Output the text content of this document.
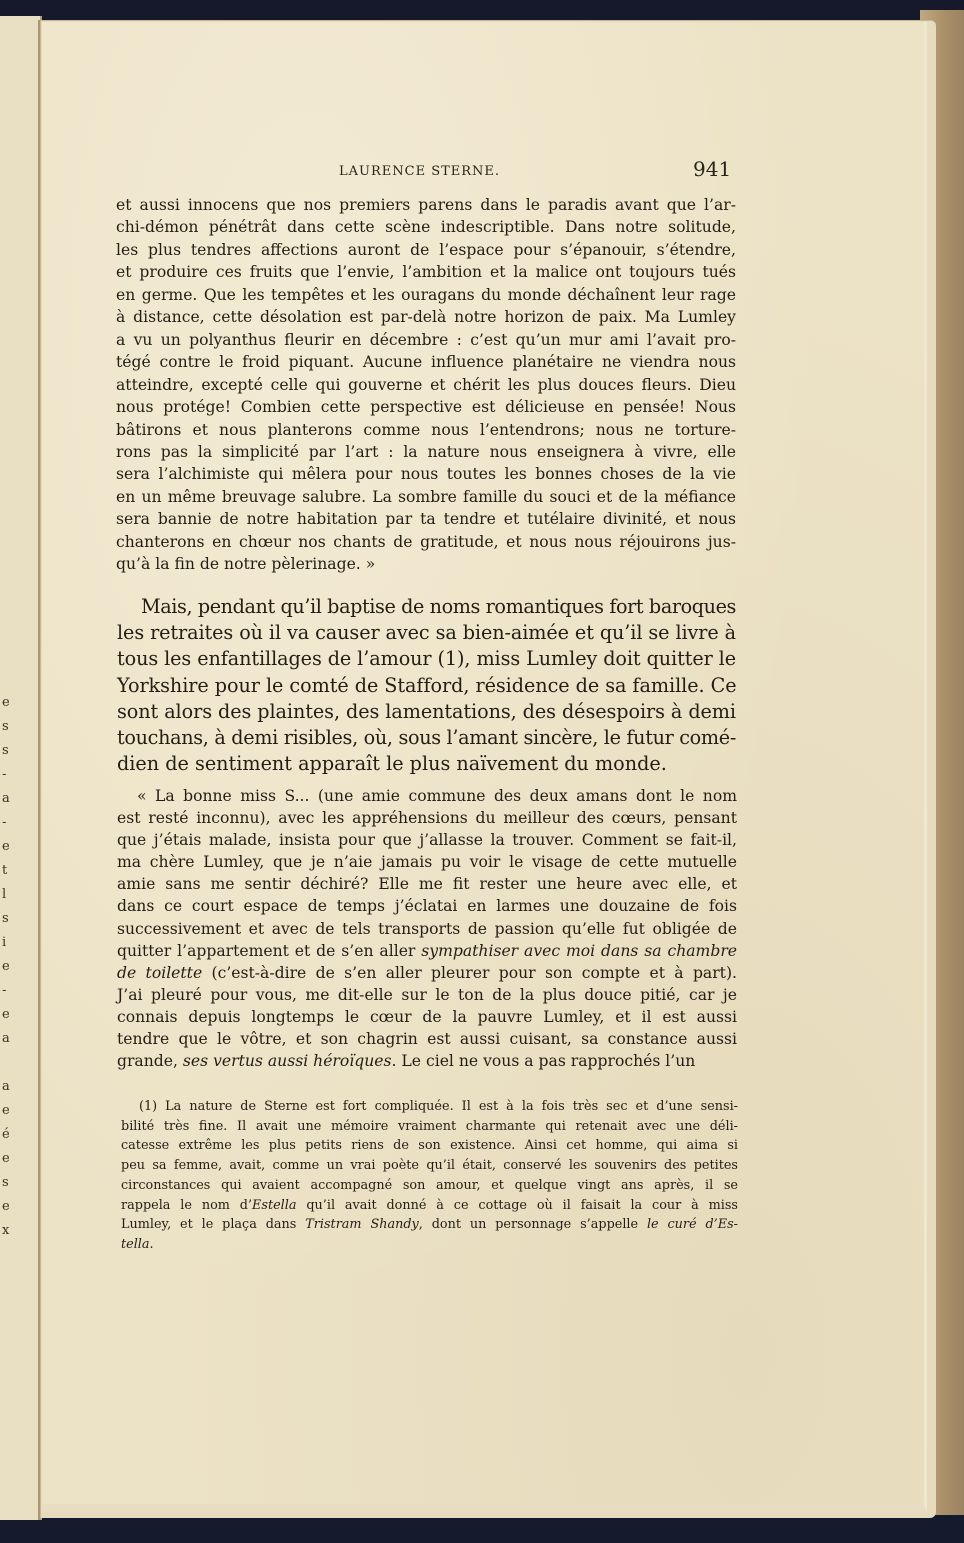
e
s
s
-
a
-
e
t
l
s
i
e
-
e
a

a
e
é
e
s
e
x
LAURENCE STERNE.	941
et aussi innocens que nos premiers parens dans le paradis avant que l’ar-
chi-démon pénétrât dans cette scène indescriptible. Dans notre solitude,
les plus tendres affections auront de l’espace pour s’épanouir, s’étendre,
et produire ces fruits que l’envie, l’ambition et la malice ont toujours tués
en germe. Que les tempêtes et les ouragans du monde déchaînent leur rage
à distance, cette désolation est par-delà notre horizon de paix. Ma Lumley
a vu un polyanthus fleurir en décembre : c’est qu’un mur ami l’avait pro-
tégé contre le froid piquant. Aucune influence planétaire ne viendra nous
atteindre, excepté celle qui gouverne et chérit les plus douces fleurs. Dieu
nous protége! Combien cette perspective est délicieuse en pensée! Nous
bâtirons et nous planterons comme nous l’entendrons; nous ne torture-
rons pas la simplicité par l’art : la nature nous enseignera à vivre, elle
sera l’alchimiste qui mêlera pour nous toutes les bonnes choses de la vie
en un même breuvage salubre. La sombre famille du souci et de la méfiance
sera bannie de notre habitation par ta tendre et tutélaire divinité, et nous
chanterons en chœur nos chants de gratitude, et nous nous réjouirons jus-
qu’à la fin de notre pèlerinage. »
Mais, pendant qu’il baptise de noms romantiques fort baroques
les retraites où il va causer avec sa bien-aimée et qu’il se livre à
tous les enfantillages de l’amour (1), miss Lumley doit quitter le
Yorkshire pour le comté de Stafford, résidence de sa famille. Ce
sont alors des plaintes, des lamentations, des désespoirs à demi
touchans, à demi risibles, où, sous l’amant sincère, le futur comé-
dien de sentiment apparaît le plus naïvement du monde.
« La bonne miss S... (une amie commune des deux amans dont le nom
est resté inconnu), avec les appréhensions du meilleur des cœurs, pensant
que j’étais malade, insista pour que j’allasse la trouver. Comment se fait-il,
ma chère Lumley, que je n’aie jamais pu voir le visage de cette mutuelle
amie sans me sentir déchiré? Elle me fit rester une heure avec elle, et
dans ce court espace de temps j’éclatai en larmes une douzaine de fois
successivement et avec de tels transports de passion qu’elle fut obligée de
quitter l’appartement et de s’en aller sympathiser avec moi dans sa chambre
de toilette (c’est-à-dire de s’en aller pleurer pour son compte et à part).
J’ai pleuré pour vous, me dit-elle sur le ton de la plus douce pitié, car je
connais depuis longtemps le cœur de la pauvre Lumley, et il est aussi
tendre que le vôtre, et son chagrin est aussi cuisant, sa constance aussi
grande, ses vertus aussi héroïques. Le ciel ne vous a pas rapprochés l’un
(1) La nature de Sterne est fort compliquée. Il est à la fois très sec et d’une sensi-
bilité très fine. Il avait une mémoire vraiment charmante qui retenait avec une déli-
catesse extrême les plus petits riens de son existence. Ainsi cet homme, qui aima si
peu sa femme, avait, comme un vrai poète qu’il était, conservé les souvenirs des petites
circonstances qui avaient accompagné son amour, et quelque vingt ans après, il se
rappela le nom d’Estella qu’il avait donné à ce cottage où il faisait la cour à miss
Lumley, et le plaça dans Tristram Shandy, dont un personnage s’appelle le curé d’Es-
tella.
